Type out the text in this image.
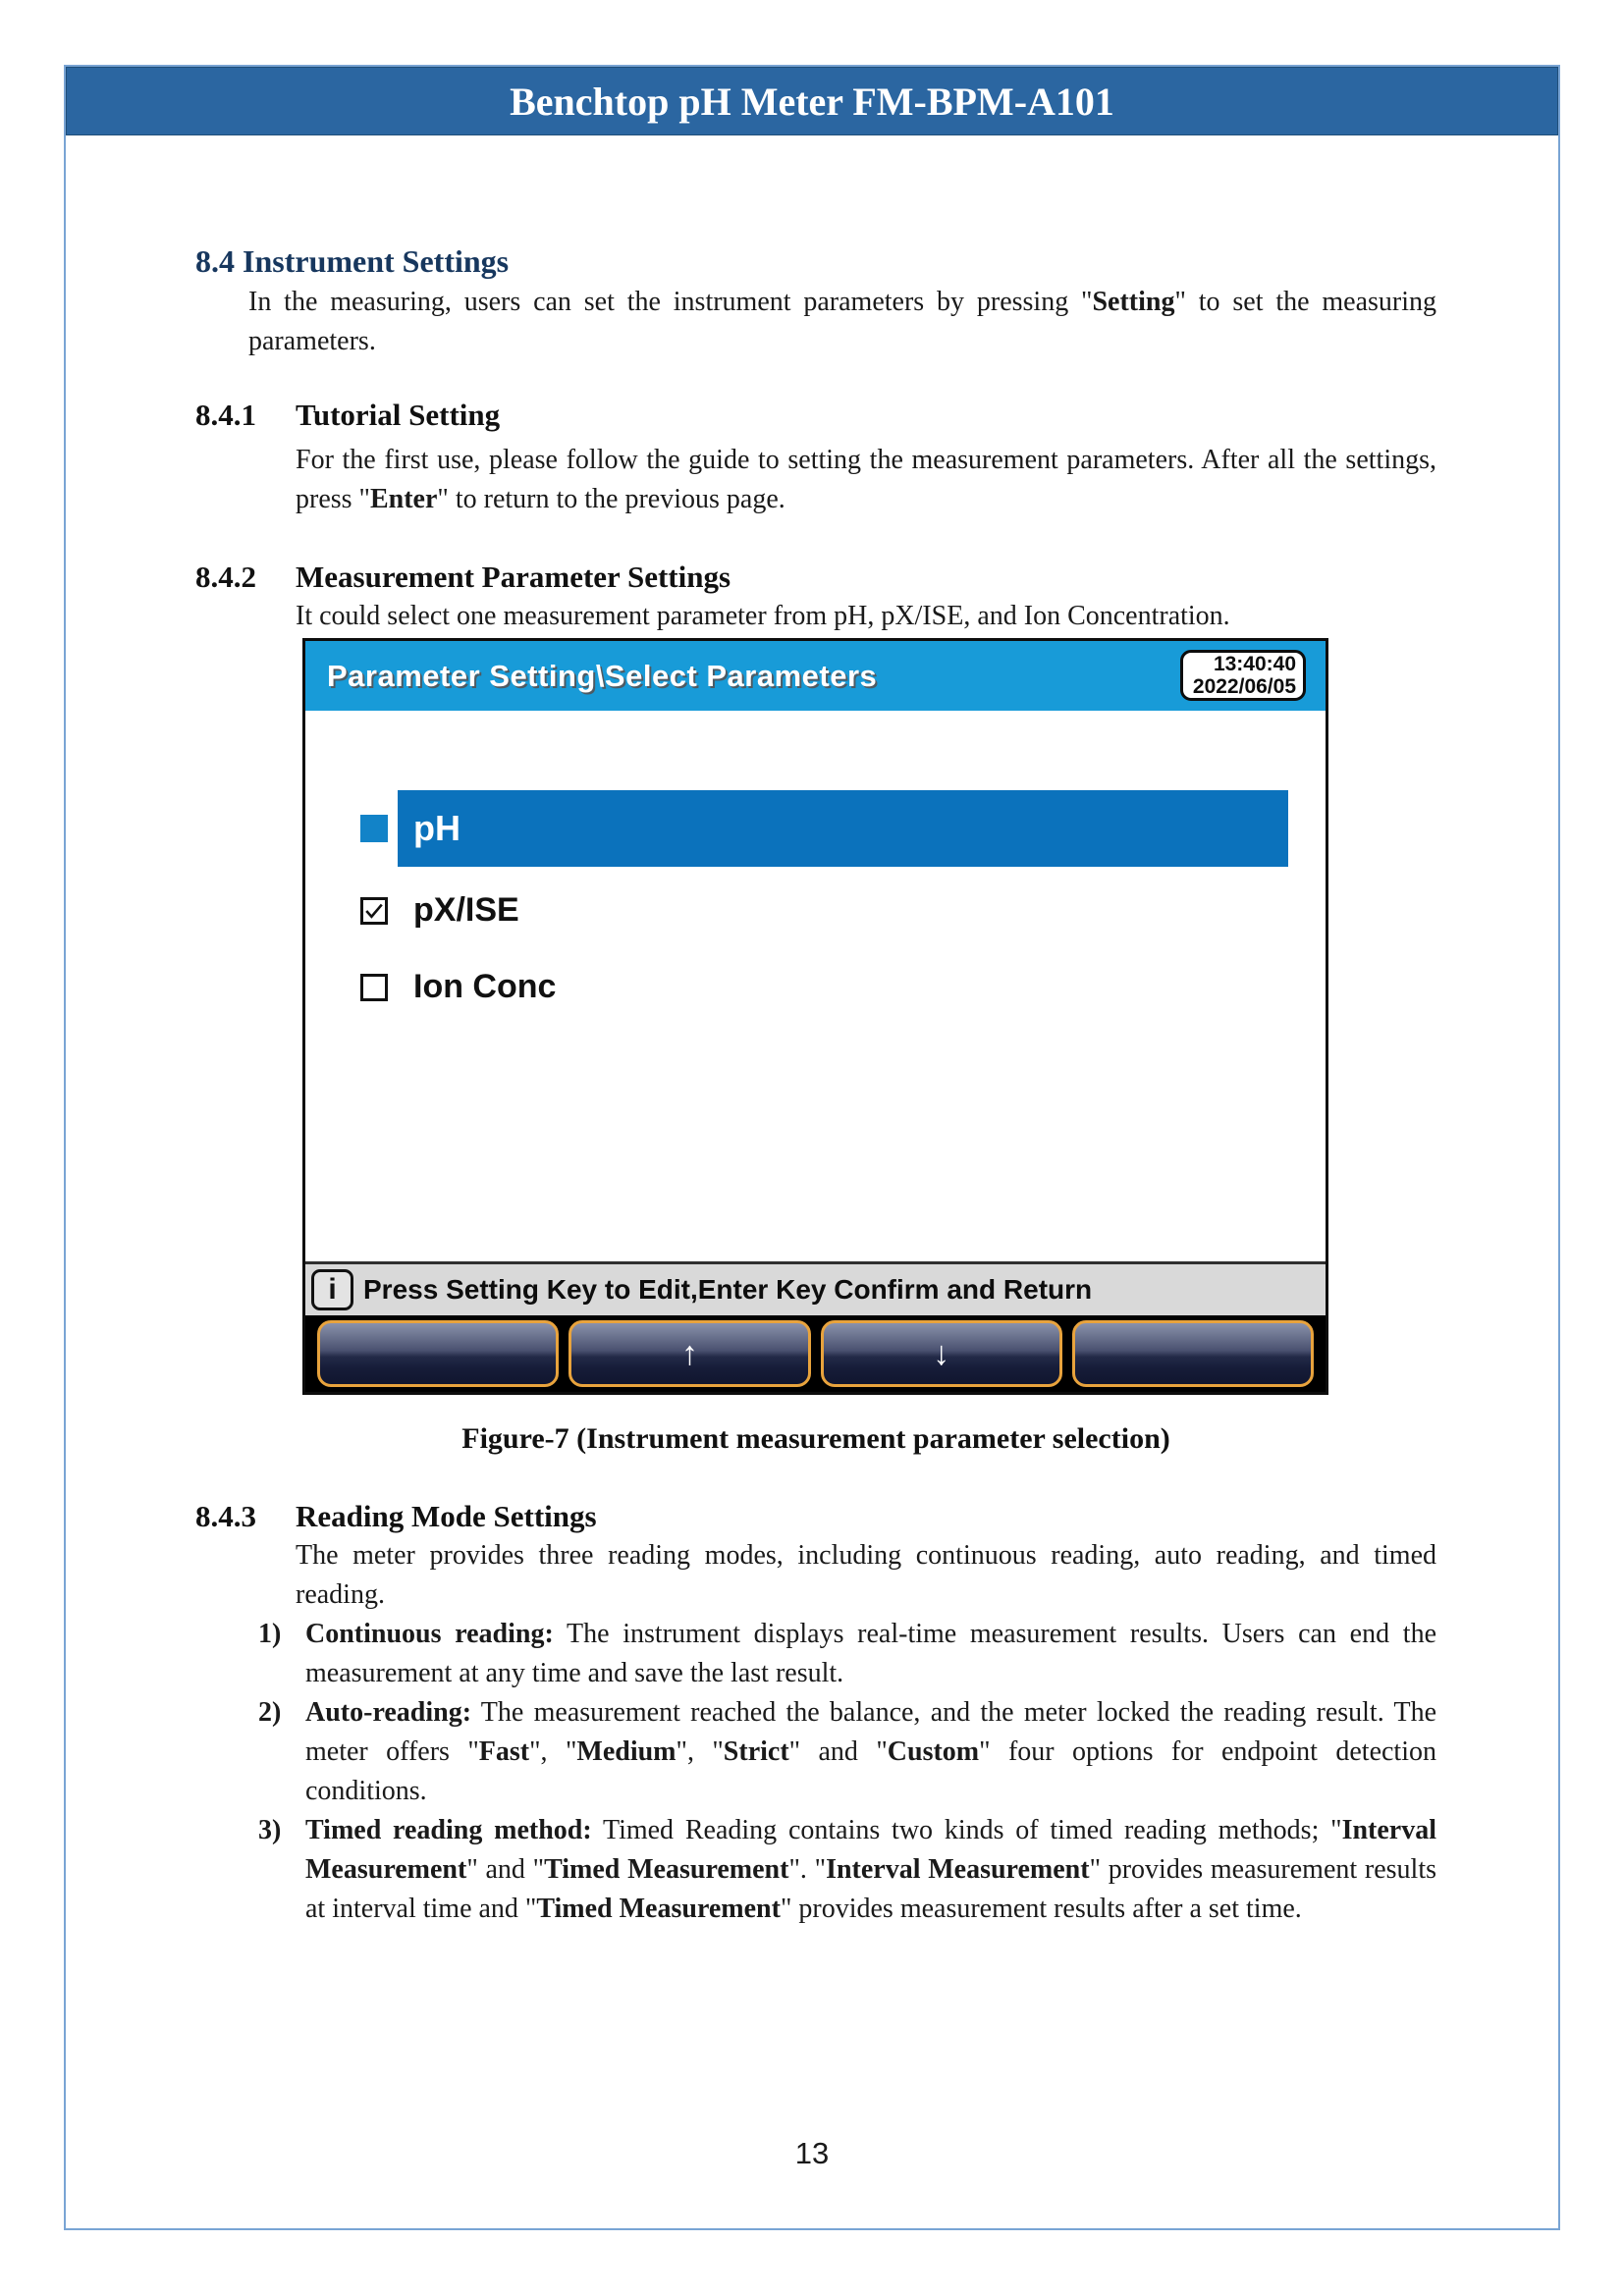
Benchtop pH Meter FM-BPM-A101
8.4 Instrument Settings

In the measuring, users can set the instrument parameters by pressing "Setting" to set the measuring parameters.

8.4.1	Tutorial Setting

For the first use, please follow the guide to setting the measurement parameters. After all the settings, press "Enter" to return to the previous page.

8.4.2	Measurement Parameter Settings

It could select one measurement parameter from pH, pX/ISE, and Ion Concentration.

Parameter Setting\Select Parameters	13:40:40
2022/06/05
pH
pX/ISE
Ion Conc
i Press Setting Key to Edit,Enter Key Confirm and Return
↑	↓
Figure-7 (Instrument measurement parameter selection)
8.4.3	Reading Mode Settings

The meter provides three reading modes, including continuous reading, auto reading, and timed reading.

1) Continuous reading: The instrument displays real-time measurement results. Users can end the measurement at any time and save the last result.
2) Auto-reading: The measurement reached the balance, and the meter locked the reading result. The meter offers "Fast", "Medium", "Strict" and "Custom" four options for endpoint detection conditions.
3) Timed reading method: Timed Reading contains two kinds of timed reading methods; "Interval Measurement" and "Timed Measurement". "Interval Measurement" provides measurement results at interval time and "Timed Measurement" provides measurement results after a set time.
13
